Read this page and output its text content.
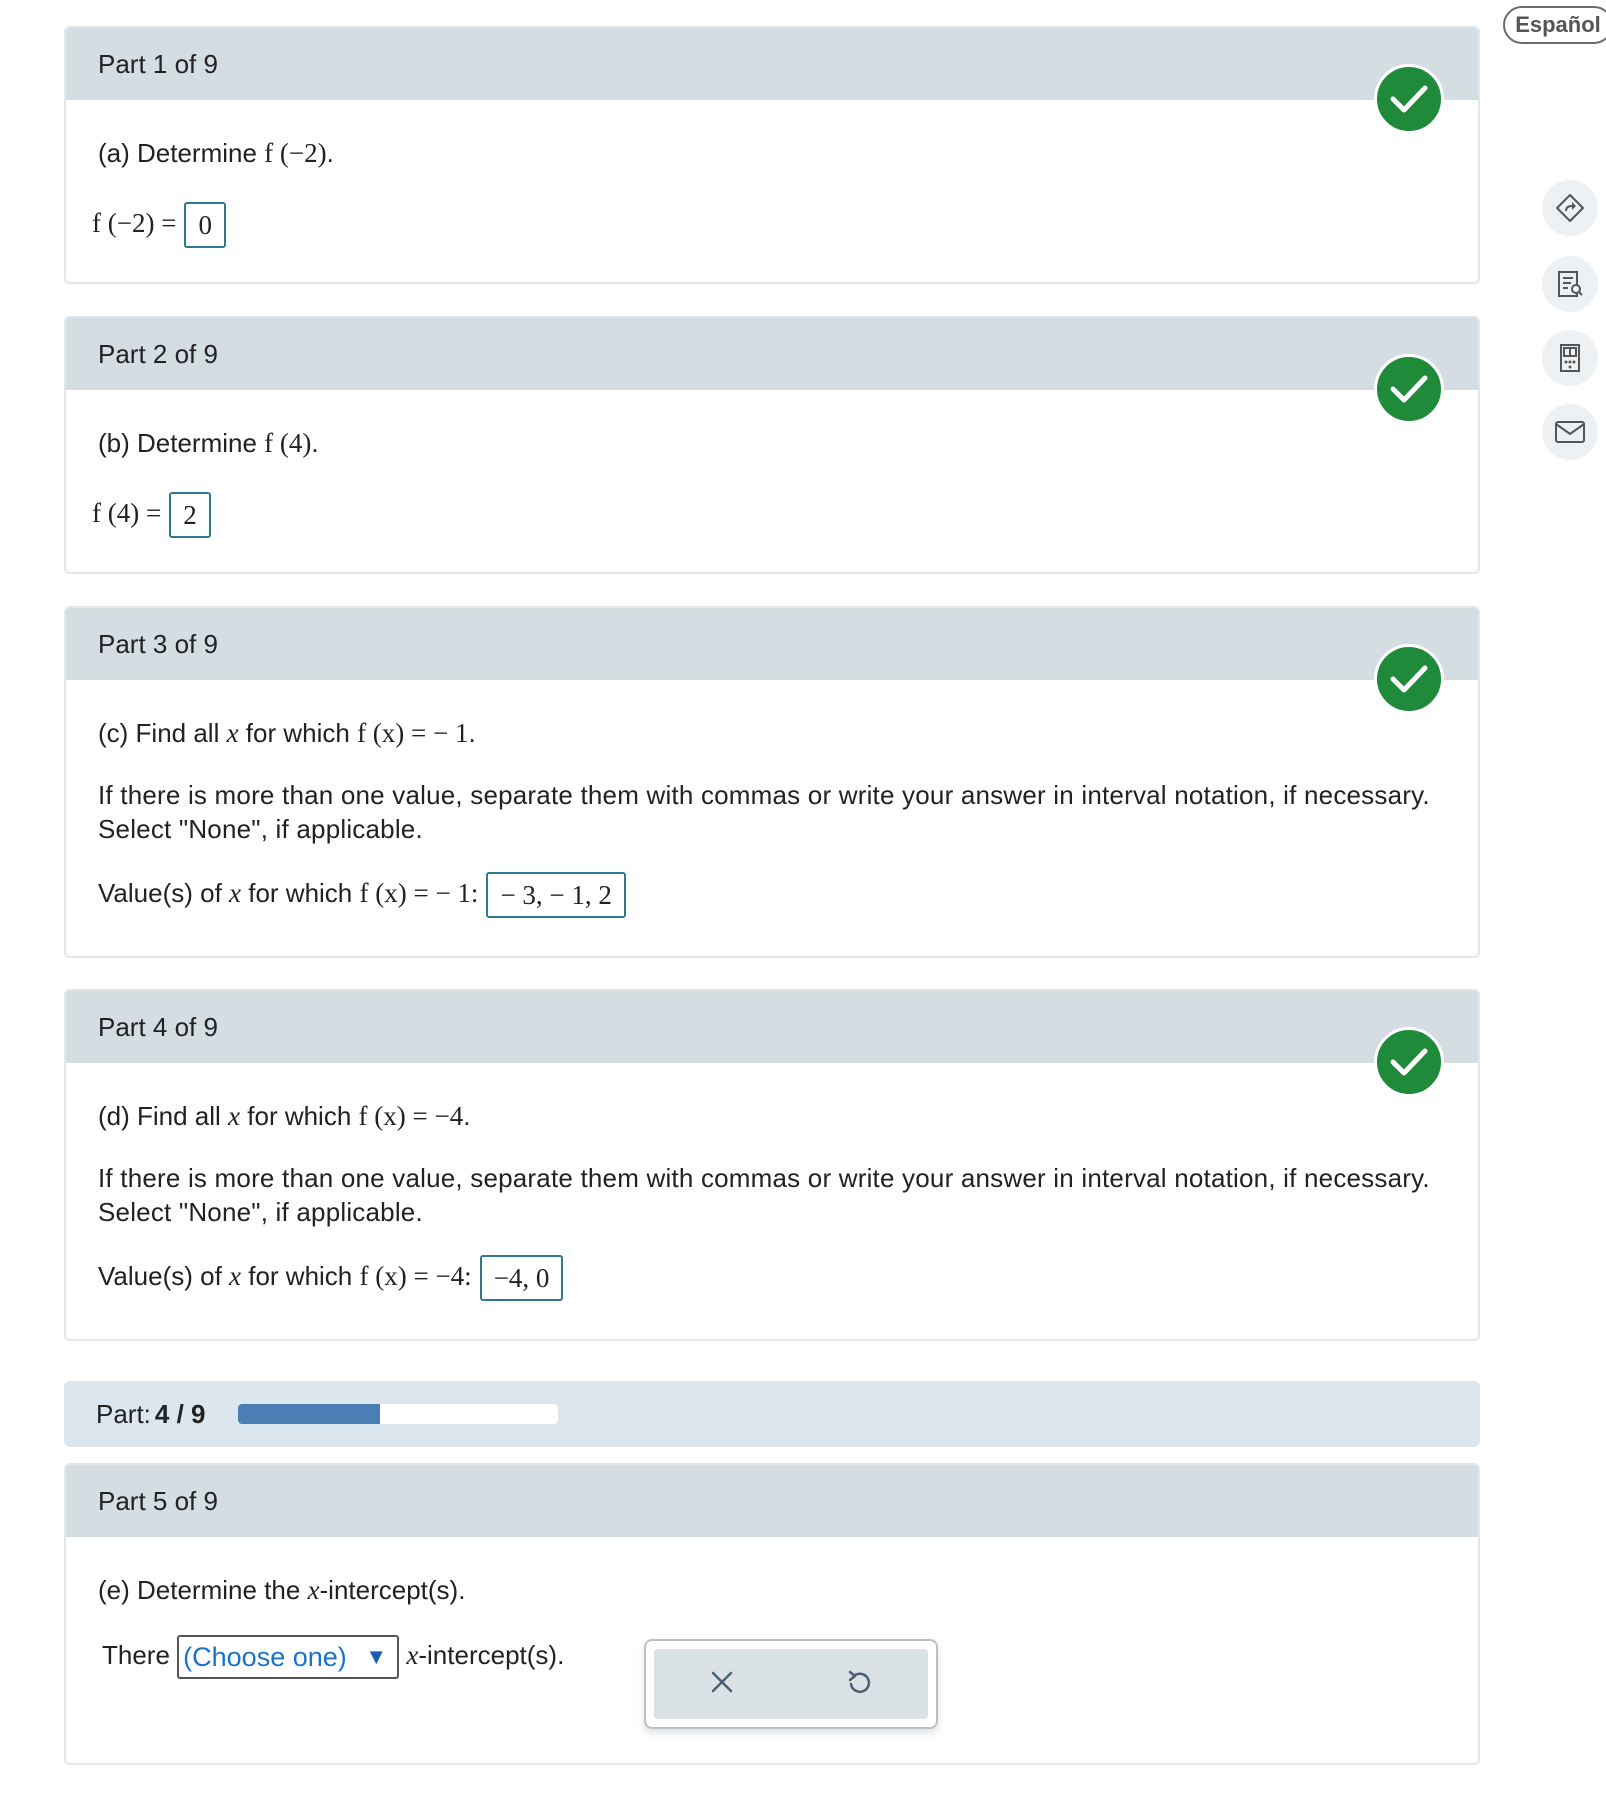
Español
Part 1 of 9
(a) Determine f (−2).
f (−2) = 0
Part 2 of 9
(b) Determine f (4).
f (4) = 2
Part 3 of 9
(c) Find all x for which f (x) = − 1.
If there is more than one value, separate them with commas or write your answer in interval notation, if necessary. Select "None", if applicable.
Value(s) of x for which f (x) = − 1: − 3, − 1, 2
Part 4 of 9
(d) Find all x for which f (x) = −4.
If there is more than one value, separate them with commas or write your answer in interval notation, if necessary. Select "None", if applicable.
Value(s) of x for which f (x) = −4: −4, 0
Part: 4 / 9
Part 5 of 9
(e) Determine the x-intercept(s).
There (Choose one) ▼ x-intercept(s).
